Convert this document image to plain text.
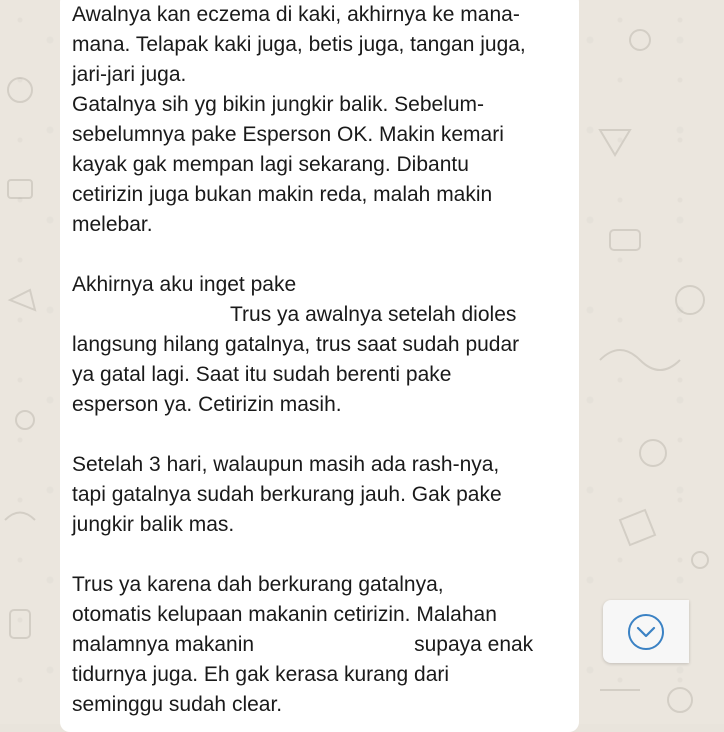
Awalnya kan eczema di kaki, akhirnya ke mana-
mana. Telapak kaki juga, betis juga, tangan juga,
jari-jari juga.
Gatalnya sih yg bikin jungkir balik. Sebelum-
sebelumnya pake Esperson OK. Makin kemari
kayak gak mempan lagi sekarang. Dibantu
cetirizin juga bukan makin reda, malah makin
melebar.
Akhirnya aku inget pake
Trus ya awalnya setelah dioles
langsung hilang gatalnya, trus saat sudah pudar
ya gatal lagi. Saat itu sudah berenti pake
esperson ya. Cetirizin masih.
Setelah 3 hari, walaupun masih ada rash-nya,
tapi gatalnya sudah berkurang jauh. Gak pake
jungkir balik mas.
Trus ya karena dah berkurang gatalnya,
otomatis kelupaan makanin cetirizin. Malahan
malamnya makanin	supaya enak
tidurnya juga. Eh gak kerasa kurang dari
seminggu sudah clear.
